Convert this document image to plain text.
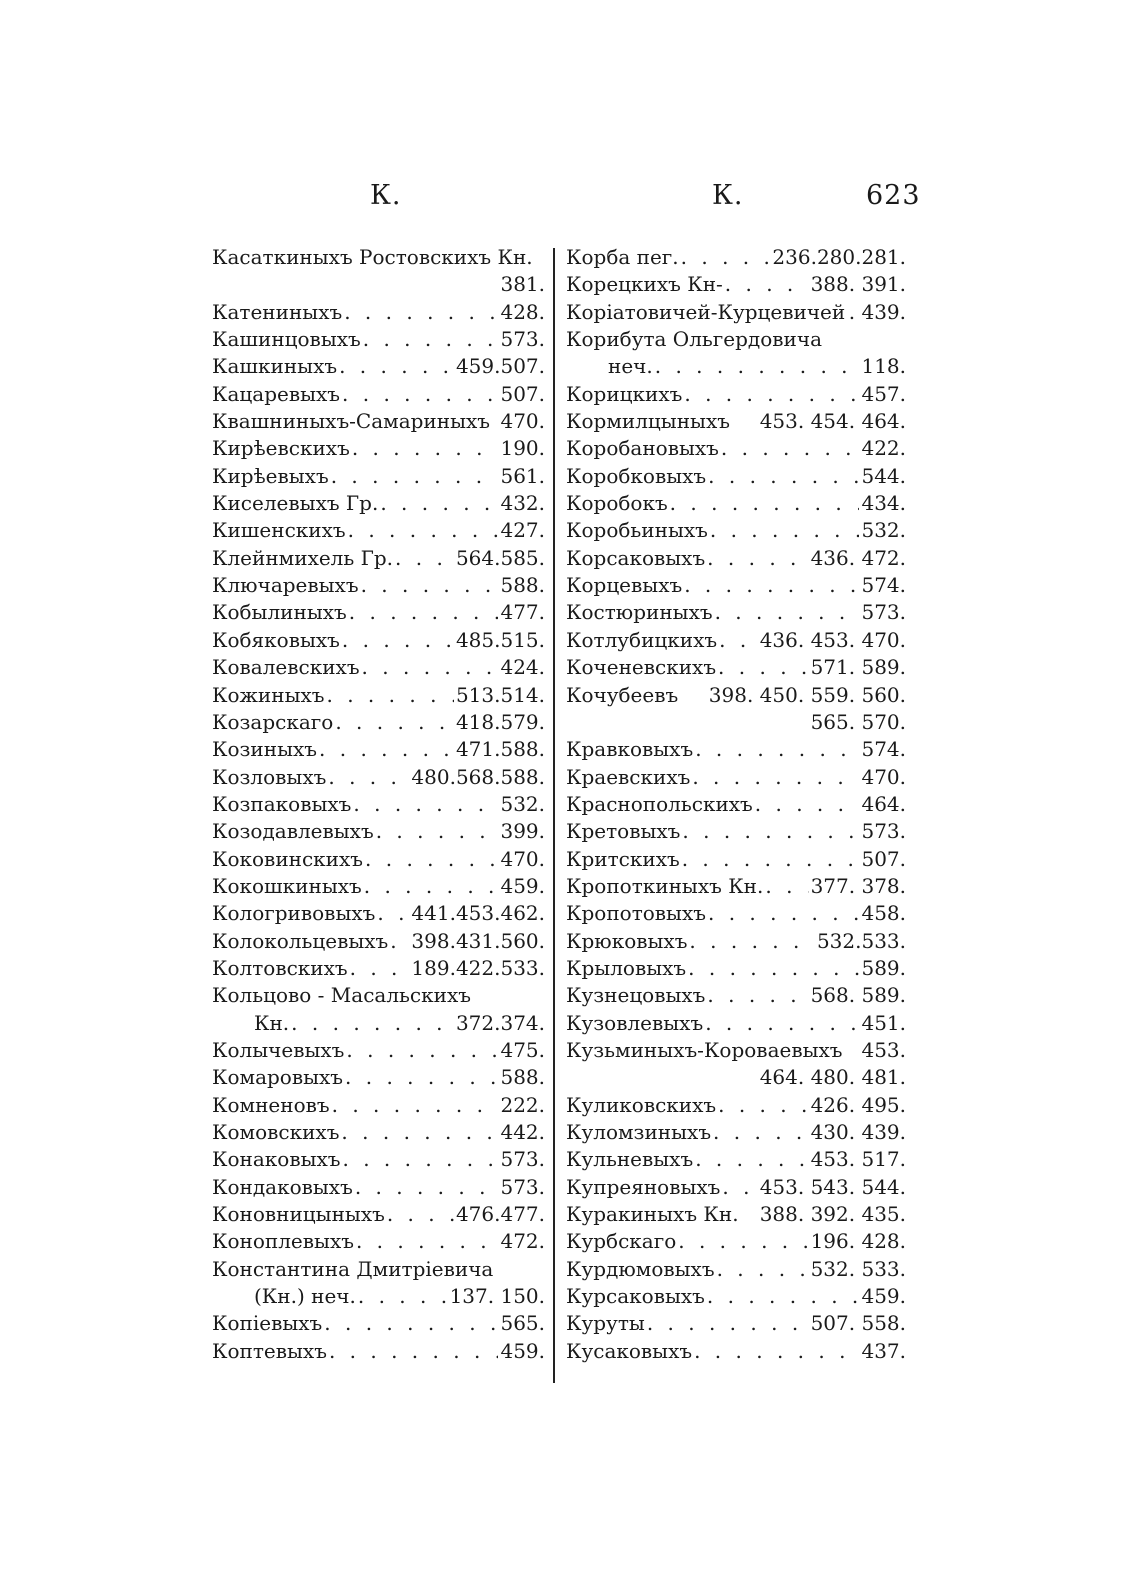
К.	К.	623
Касаткиныхъ Ростовскихъ Кн.
381.
Катениныхъ . . .	428.
Кашинцовыхъ . . .	573.
Кашкиныхъ . . .	459.507.
Кацаревыхъ . . .	507.
Квашниныхъ-Самариныхъ 470.
Кирѣевскихъ . . .	190.
Кирѣевыхъ . . .	561.
Киселевыхъ Гр. . . .	432.
Кишенскихъ . . .	427.
Клейнмихель Гр. . . .	564.585.
Ключаревыхъ . . .	588.
Кобылиныхъ . . .	477.
Кобяковыхъ . . .	485.515.
Ковалевскихъ . . .	424.
Кожиныхъ . . .	513.514.
Козарскаго . . .	418.579.
Козиныхъ . . .	471.588.
Козловыхъ . . .	480.568.588.
Козпаковыхъ . . .	532.
Козодавлевыхъ . . .	399.
Коковинскихъ . . .	470.
Кокошкиныхъ . . .	459.
Кологривовыхъ . . . 441.453.462.
Колокольцевыхъ . . . 398.431.560.
Колтовскихъ . . .	189.422.533.
Кольцово - Масальскихъ
Кн. . . .	372.374.
Колычевыхъ . . .	475.
Комаровыхъ . . .	588.
Комненовъ . . .	222.
Комовскихъ . . .	442.
Конаковыхъ . . .	573.
Кондаковыхъ . . .	573.
Коновницыныхъ . . .	476.477.
Коноплевыхъ . . .	472.
Константина Дмитріевича
(Кн.) неч. . . .	137. 150.
Копіевыхъ . . .	565.
Коптевыхъ . . .	459.
Корба пег. . . .	236.280.281.
Корецкихъ Кн- . . .	388. 391.
Коріатовичей-Курцевичей . 439.
Корибута Ольгердовича
неч. . . .	118.
Корицкихъ . . .	457.
Кормилцыныхъ 453. 454. 464.
Коробановыхъ . . .	422.
Коробковыхъ . . .	544.
Коробокъ . . .	434.
Коробьиныхъ . . .	532.
Корсаковыхъ . . .	436. 472.
Корцевыхъ . . .	574.
Костюриныхъ . . .	573.
Котлубицкихъ . . . 436. 453. 470.
Коченевскихъ . . .	571. 589.
Кочубеевъ 398. 450. 559. 560.
565. 570.
Кравковыхъ . . .	574.
Краевскихъ . . .	470.
Краснопольскихъ . . .	464.
Кретовыхъ . . .	573.
Критскихъ . . .	507.
Кропоткиныхъ Кн. . . . 377. 378.
Кропотовыхъ . . .	458.
Крюковыхъ . . .	532.533.
Крыловыхъ . . .	589.
Кузнецовыхъ . . .	568. 589.
Кузовлевыхъ . . .	451.
Кузьминыхъ-Короваевыхъ 453.
464. 480. 481.
Куликовскихъ . . .	426. 495.
Куломзиныхъ . . .	430. 439.
Кульневыхъ . . .	453. 517.
Купреяновыхъ . . . 453. 543. 544.
Куракиныхъ Кн. 388. 392. 435.
Курбскаго . . .	196. 428.
Курдюмовыхъ . . .	532. 533.
Курсаковыхъ . . .	459.
Куруты . . .	507. 558.
Кусаковыхъ . . .	437.
